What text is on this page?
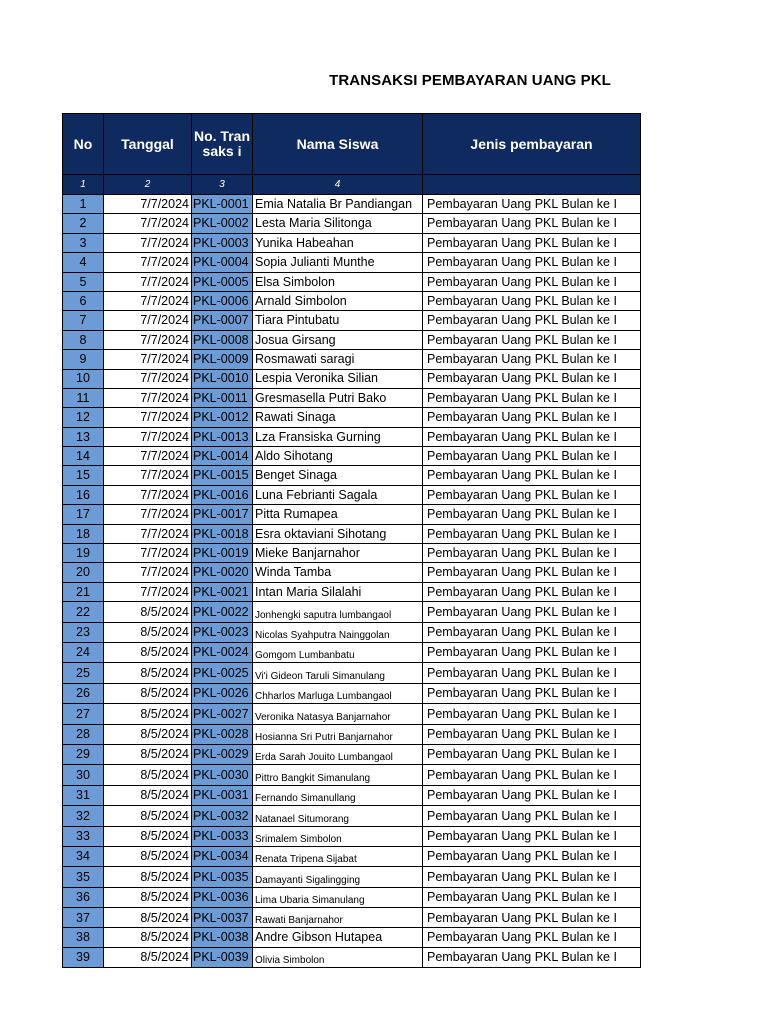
TRANSAKSI PEMBAYARAN UANG PKL
No	Tanggal	No. Transaks i	Nama Siswa	Jenis pembayaran
1	2	3	4	
1	7/7/2024	PKL-0001	Emia Natalia Br Pandiangan	Pembayaran Uang PKL Bulan ke I
2	7/7/2024	PKL-0002	Lesta Maria Silitonga	Pembayaran Uang PKL Bulan ke I
3	7/7/2024	PKL-0003	Yunika Habeahan	Pembayaran Uang PKL Bulan ke I
4	7/7/2024	PKL-0004	Sopia Julianti Munthe	Pembayaran Uang PKL Bulan ke I
5	7/7/2024	PKL-0005	Elsa Simbolon	Pembayaran Uang PKL Bulan ke I
6	7/7/2024	PKL-0006	Arnald Simbolon	Pembayaran Uang PKL Bulan ke I
7	7/7/2024	PKL-0007	Tiara Pintubatu	Pembayaran Uang PKL Bulan ke I
8	7/7/2024	PKL-0008	Josua Girsang	Pembayaran Uang PKL Bulan ke I
9	7/7/2024	PKL-0009	Rosmawati saragi	Pembayaran Uang PKL Bulan ke I
10	7/7/2024	PKL-0010	Lespia Veronika Silian	Pembayaran Uang PKL Bulan ke I
11	7/7/2024	PKL-0011	Gresmasella Putri Bako	Pembayaran Uang PKL Bulan ke I
12	7/7/2024	PKL-0012	Rawati Sinaga	Pembayaran Uang PKL Bulan ke I
13	7/7/2024	PKL-0013	Lza Fransiska Gurning	Pembayaran Uang PKL Bulan ke I
14	7/7/2024	PKL-0014	Aldo Sihotang	Pembayaran Uang PKL Bulan ke I
15	7/7/2024	PKL-0015	Benget Sinaga	Pembayaran Uang PKL Bulan ke I
16	7/7/2024	PKL-0016	Luna Febrianti Sagala	Pembayaran Uang PKL Bulan ke I
17	7/7/2024	PKL-0017	Pitta Rumapea	Pembayaran Uang PKL Bulan ke I
18	7/7/2024	PKL-0018	Esra oktaviani Sihotang	Pembayaran Uang PKL Bulan ke I
19	7/7/2024	PKL-0019	Mieke Banjarnahor	Pembayaran Uang PKL Bulan ke I
20	7/7/2024	PKL-0020	Winda Tamba	Pembayaran Uang PKL Bulan ke I
21	7/7/2024	PKL-0021	Intan Maria Silalahi	Pembayaran Uang PKL Bulan ke I
22	8/5/2024	PKL-0022	Jonhengki saputra lumbangaol	Pembayaran Uang PKL Bulan ke I
23	8/5/2024	PKL-0023	Nicolas Syahputra Nainggolan	Pembayaran Uang PKL Bulan ke I
24	8/5/2024	PKL-0024	Gomgom Lumbanbatu	Pembayaran Uang PKL Bulan ke I
25	8/5/2024	PKL-0025	Vi'i Gideon Taruli Simanulang	Pembayaran Uang PKL Bulan ke I
26	8/5/2024	PKL-0026	Chharlos Marluga Lumbangaol	Pembayaran Uang PKL Bulan ke I
27	8/5/2024	PKL-0027	Veronika Natasya Banjarnahor	Pembayaran Uang PKL Bulan ke I
28	8/5/2024	PKL-0028	Hosianna Sri Putri Banjarnahor	Pembayaran Uang PKL Bulan ke I
29	8/5/2024	PKL-0029	Erda Sarah Jouito Lumbangaol	Pembayaran Uang PKL Bulan ke I
30	8/5/2024	PKL-0030	Pittro Bangkit Simanulang	Pembayaran Uang PKL Bulan ke I
31	8/5/2024	PKL-0031	Fernando Simanullang	Pembayaran Uang PKL Bulan ke I
32	8/5/2024	PKL-0032	Natanael Situmorang	Pembayaran Uang PKL Bulan ke I
33	8/5/2024	PKL-0033	Srimalem Simbolon	Pembayaran Uang PKL Bulan ke I
34	8/5/2024	PKL-0034	Renata Tripena Sijabat	Pembayaran Uang PKL Bulan ke I
35	8/5/2024	PKL-0035	Damayanti Sigalingging	Pembayaran Uang PKL Bulan ke I
36	8/5/2024	PKL-0036	Lima Ubaria Simanulang	Pembayaran Uang PKL Bulan ke I
37	8/5/2024	PKL-0037	Rawati Banjarnahor	Pembayaran Uang PKL Bulan ke I
38	8/5/2024	PKL-0038	Andre Gibson Hutapea	Pembayaran Uang PKL Bulan ke I
39	8/5/2024	PKL-0039	Olivia Simbolon	Pembayaran Uang PKL Bulan ke I
